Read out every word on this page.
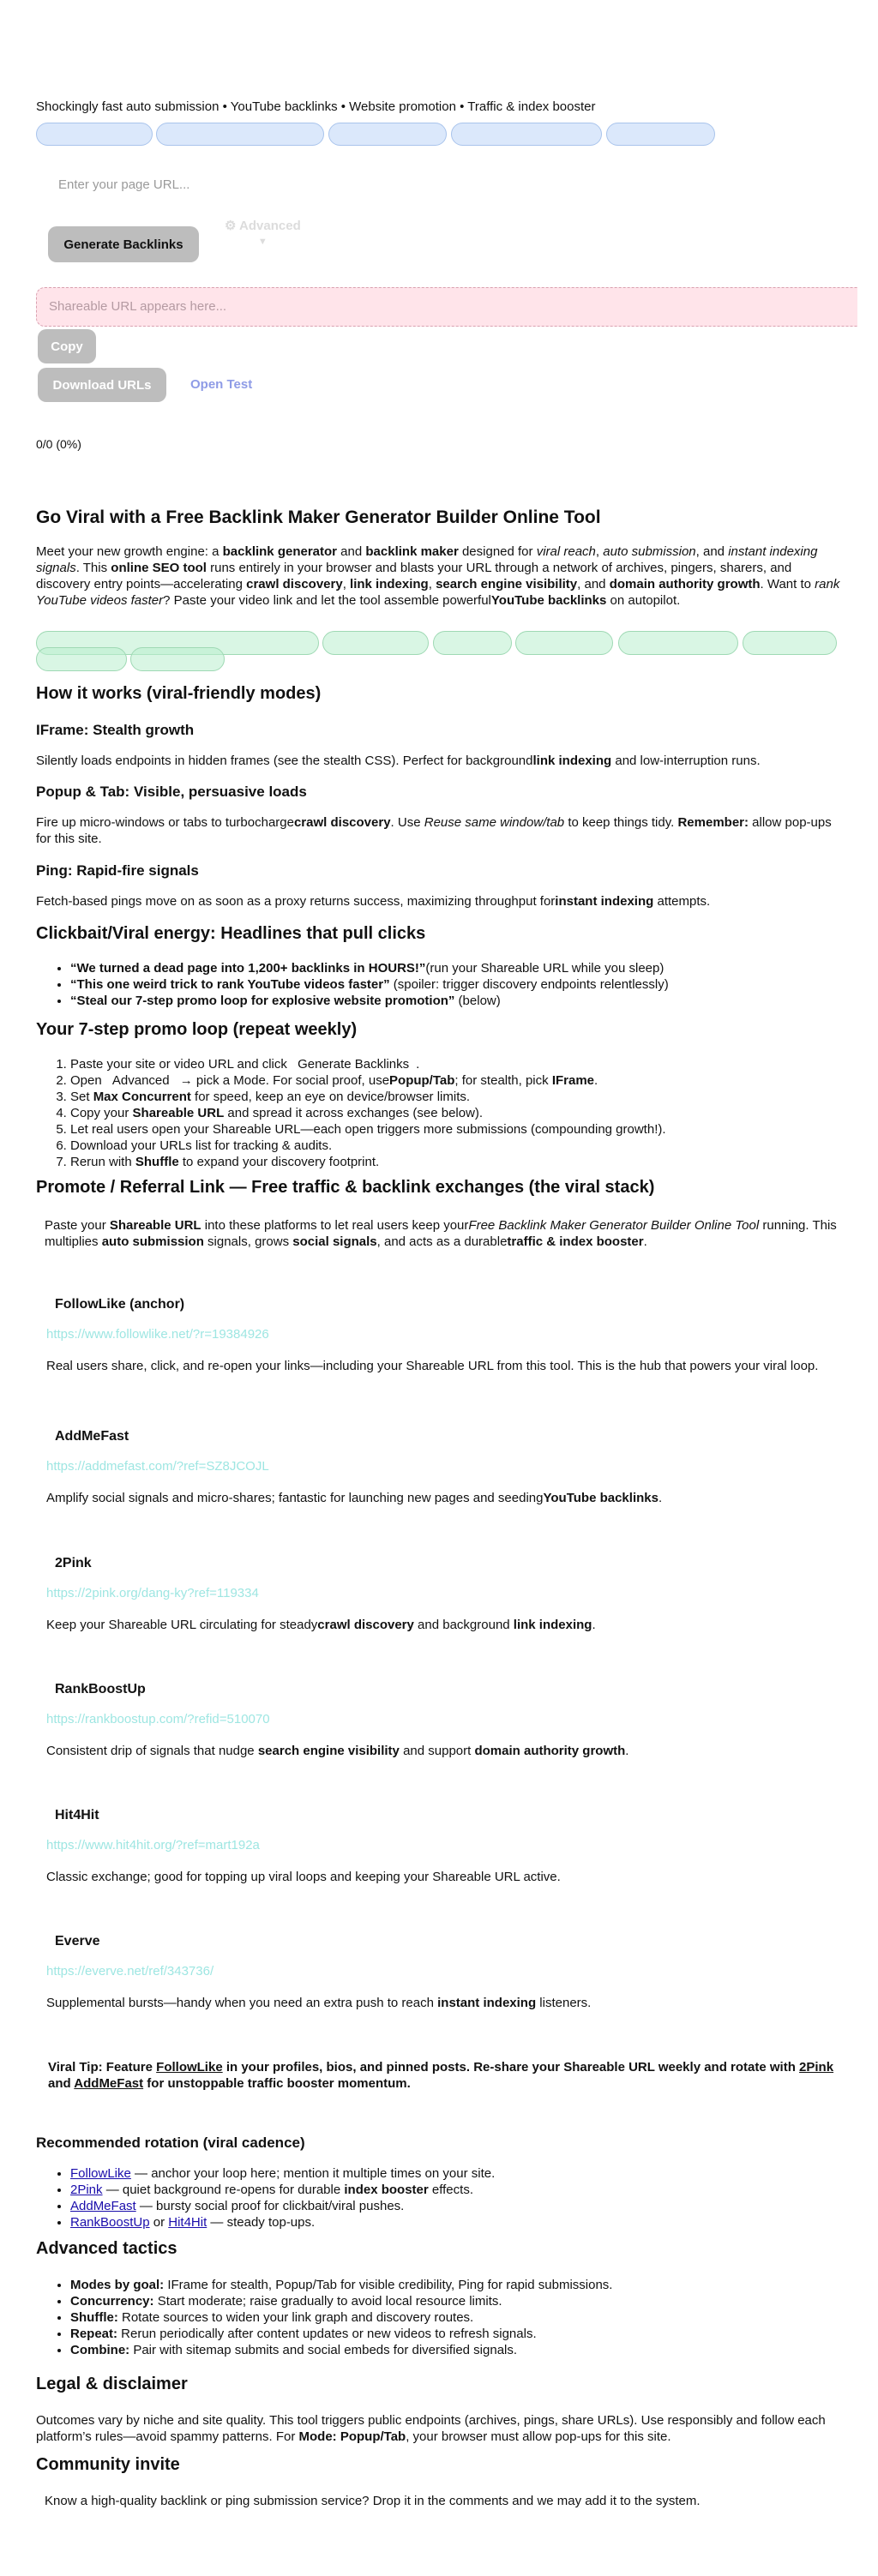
Shockingly fast auto submission • YouTube backlinks • Website promotion • Traffic & index booster
Enter your page URL...
Generate Backlinks
⚙ Advanced
▼
Shareable URL appears here...
Copy
Download URLs	Open Test
0/0 (0%)
Go Viral with a Free Backlink Maker Generator Builder Online Tool

Meet your new growth engine: a backlink generator and backlink maker designed for viral reach, auto submission, and instant indexing signals. This online SEO tool runs entirely in your browser and blasts your URL through a network of archives, pingers, sharers, and discovery entry points—accelerating crawl discovery, link indexing, search engine visibility, and domain authority growth. Want to rank YouTube videos faster? Paste your video link and let the tool assemble powerfulYouTube backlinks on autopilot.

How it works (viral-friendly modes)
IFrame: Stealth growth

Silently loads endpoints in hidden frames (see the stealth CSS). Perfect for backgroundlink indexing and low-interruption runs.

Popup & Tab: Visible, persuasive loads

Fire up micro-windows or tabs to turbochargecrawl discovery. Use Reuse same window/tab to keep things tidy. Remember: allow pop-ups for this site.

Ping: Rapid-fire signals

Fetch-based pings move on as soon as a proxy returns success, maximizing throughput forinstant indexing attempts.

Clickbait/Viral energy: Headlines that pull clicks
• “We turned a dead page into 1,200+ backlinks in HOURS!”(run your Shareable URL while you sleep)
• “This one weird trick to rank YouTube videos faster” (spoiler: trigger discovery endpoints relentlessly)
• “Steal our 7-step promo loop for explosive website promotion” (below)
Your 7-step promo loop (repeat weekly)
1. Paste your site or video URL and click Generate Backlinks .
2. Open Advanced → pick a Mode. For social proof, usePopup/Tab; for stealth, pick IFrame.
3. Set Max Concurrent for speed, keep an eye on device/browser limits.
4. Copy your Shareable URL and spread it across exchanges (see below).
5. Let real users open your Shareable URL—each open triggers more submissions (compounding growth!).
6. Download your URLs list for tracking & audits.
7. Rerun with Shuffle to expand your discovery footprint.
Promote / Referral Link — Free traffic & backlink exchanges (the viral stack)

Paste your Shareable URL into these platforms to let real users keep yourFree Backlink Maker Generator Builder Online Tool running. This multiplies auto submission signals, grows social signals, and acts as a durabletraffic & index booster.

FollowLike (anchor)
https://www.followlike.net/?r=19384926

Real users share, click, and re-open your links—including your Shareable URL from this tool. This is the hub that powers your viral loop.

AddMeFast
https://addmefast.com/?ref=SZ8JCOJL

Amplify social signals and micro-shares; fantastic for launching new pages and seedingYouTube backlinks.

2Pink
https://2pink.org/dang-ky?ref=119334

Keep your Shareable URL circulating for steadycrawl discovery and background link indexing.

RankBoostUp
https://rankboostup.com/?refid=510070

Consistent drip of signals that nudge search engine visibility and support domain authority growth.

Hit4Hit
https://www.hit4hit.org/?ref=mart192a

Classic exchange; good for topping up viral loops and keeping your Shareable URL active.

Everve
https://everve.net/ref/343736/

Supplemental bursts—handy when you need an extra push to reach instant indexing listeners.

Viral Tip: Feature FollowLike in your profiles, bios, and pinned posts. Re-share your Shareable URL weekly and rotate with 2Pink and AddMeFast for unstoppable traffic booster momentum.

Recommended rotation (viral cadence)
• FollowLike — anchor your loop here; mention it multiple times on your site.
• 2Pink — quiet background re-opens for durable index booster effects.
• AddMeFast — bursty social proof for clickbait/viral pushes.
• RankBoostUp or Hit4Hit — steady top-ups.
Advanced tactics
• Modes by goal: IFrame for stealth, Popup/Tab for visible credibility, Ping for rapid submissions.
• Concurrency: Start moderate; raise gradually to avoid local resource limits.
• Shuffle: Rotate sources to widen your link graph and discovery routes.
• Repeat: Rerun periodically after content updates or new videos to refresh signals.
• Combine: Pair with sitemap submits and social embeds for diversified signals.
Legal & disclaimer

Outcomes vary by niche and site quality. This tool triggers public endpoints (archives, pings, share URLs). Use responsibly and follow each platform’s rules—avoid spammy patterns. For Mode: Popup/Tab, your browser must allow pop-ups for this site.

Community invite

Know a high-quality backlink or ping submission service? Drop it in the comments and we may add it to the system.
